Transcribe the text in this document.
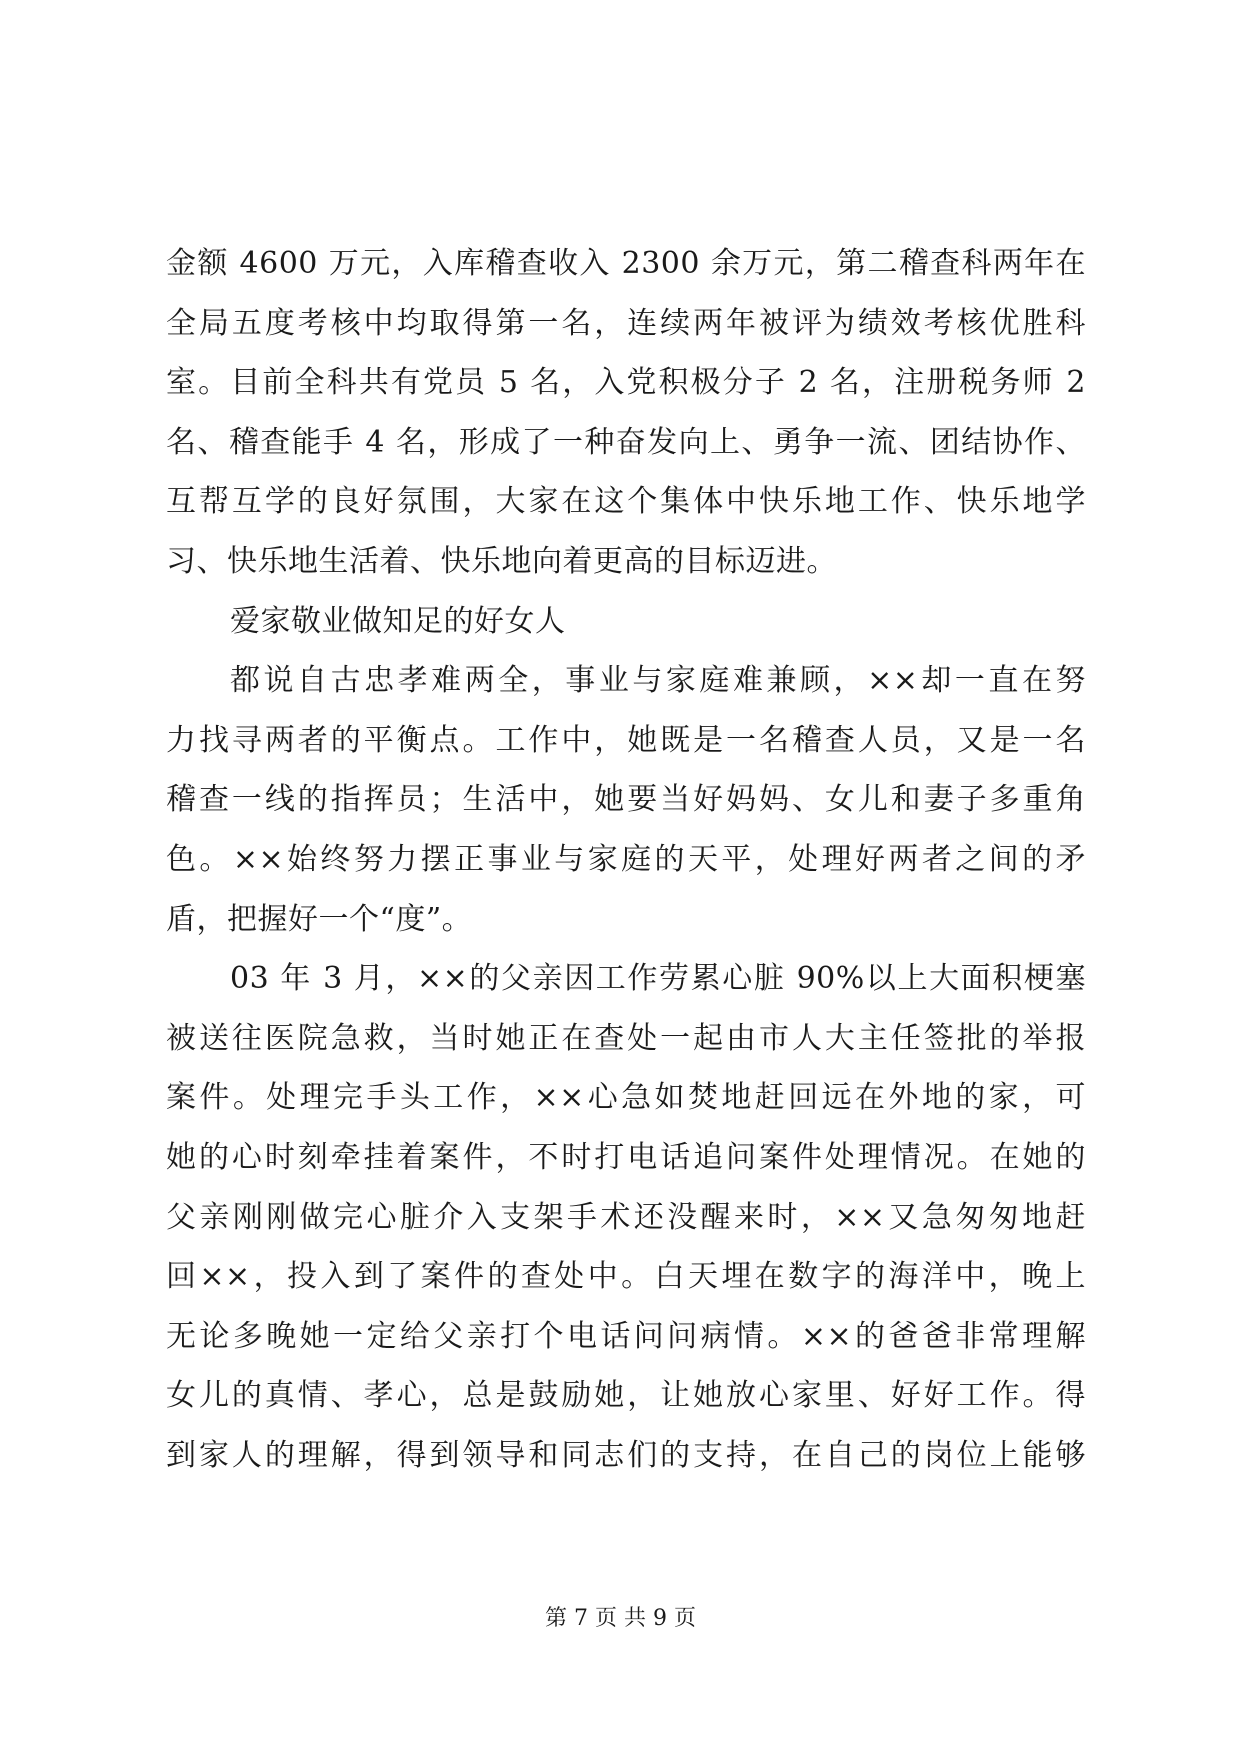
金额 4600 万元，入库稽查收入 2300 余万元，第二稽查科两年在
全局五度考核中均取得第一名，连续两年被评为绩效考核优胜科
室。目前全科共有党员 5 名，入党积极分子 2 名，注册税务师 2
名、稽查能手 4 名，形成了一种奋发向上、勇争一流、团结协作、
互帮互学的良好氛围，大家在这个集体中快乐地工作、快乐地学
习、快乐地生活着、快乐地向着更高的目标迈进。
爱家敬业做知足的好女人
都说自古忠孝难两全，事业与家庭难兼顾，××却一直在努
力找寻两者的平衡点。工作中，她既是一名稽查人员，又是一名
稽查一线的指挥员；生活中，她要当好妈妈、女儿和妻子多重角
色。××始终努力摆正事业与家庭的天平，处理好两者之间的矛
盾，把握好一个“度”。
03 年 3 月，××的父亲因工作劳累心脏 90%以上大面积梗塞
被送往医院急救，当时她正在查处一起由市人大主任签批的举报
案件。处理完手头工作，××心急如焚地赶回远在外地的家，可
她的心时刻牵挂着案件，不时打电话追问案件处理情况。在她的
父亲刚刚做完心脏介入支架手术还没醒来时，××又急匆匆地赶
回××，投入到了案件的查处中。白天埋在数字的海洋中，晚上
无论多晚她一定给父亲打个电话问问病情。××的爸爸非常理解
女儿的真情、孝心，总是鼓励她，让她放心家里、好好工作。得
到家人的理解，得到领导和同志们的支持，在自己的岗位上能够
第 7 页 共 9 页
